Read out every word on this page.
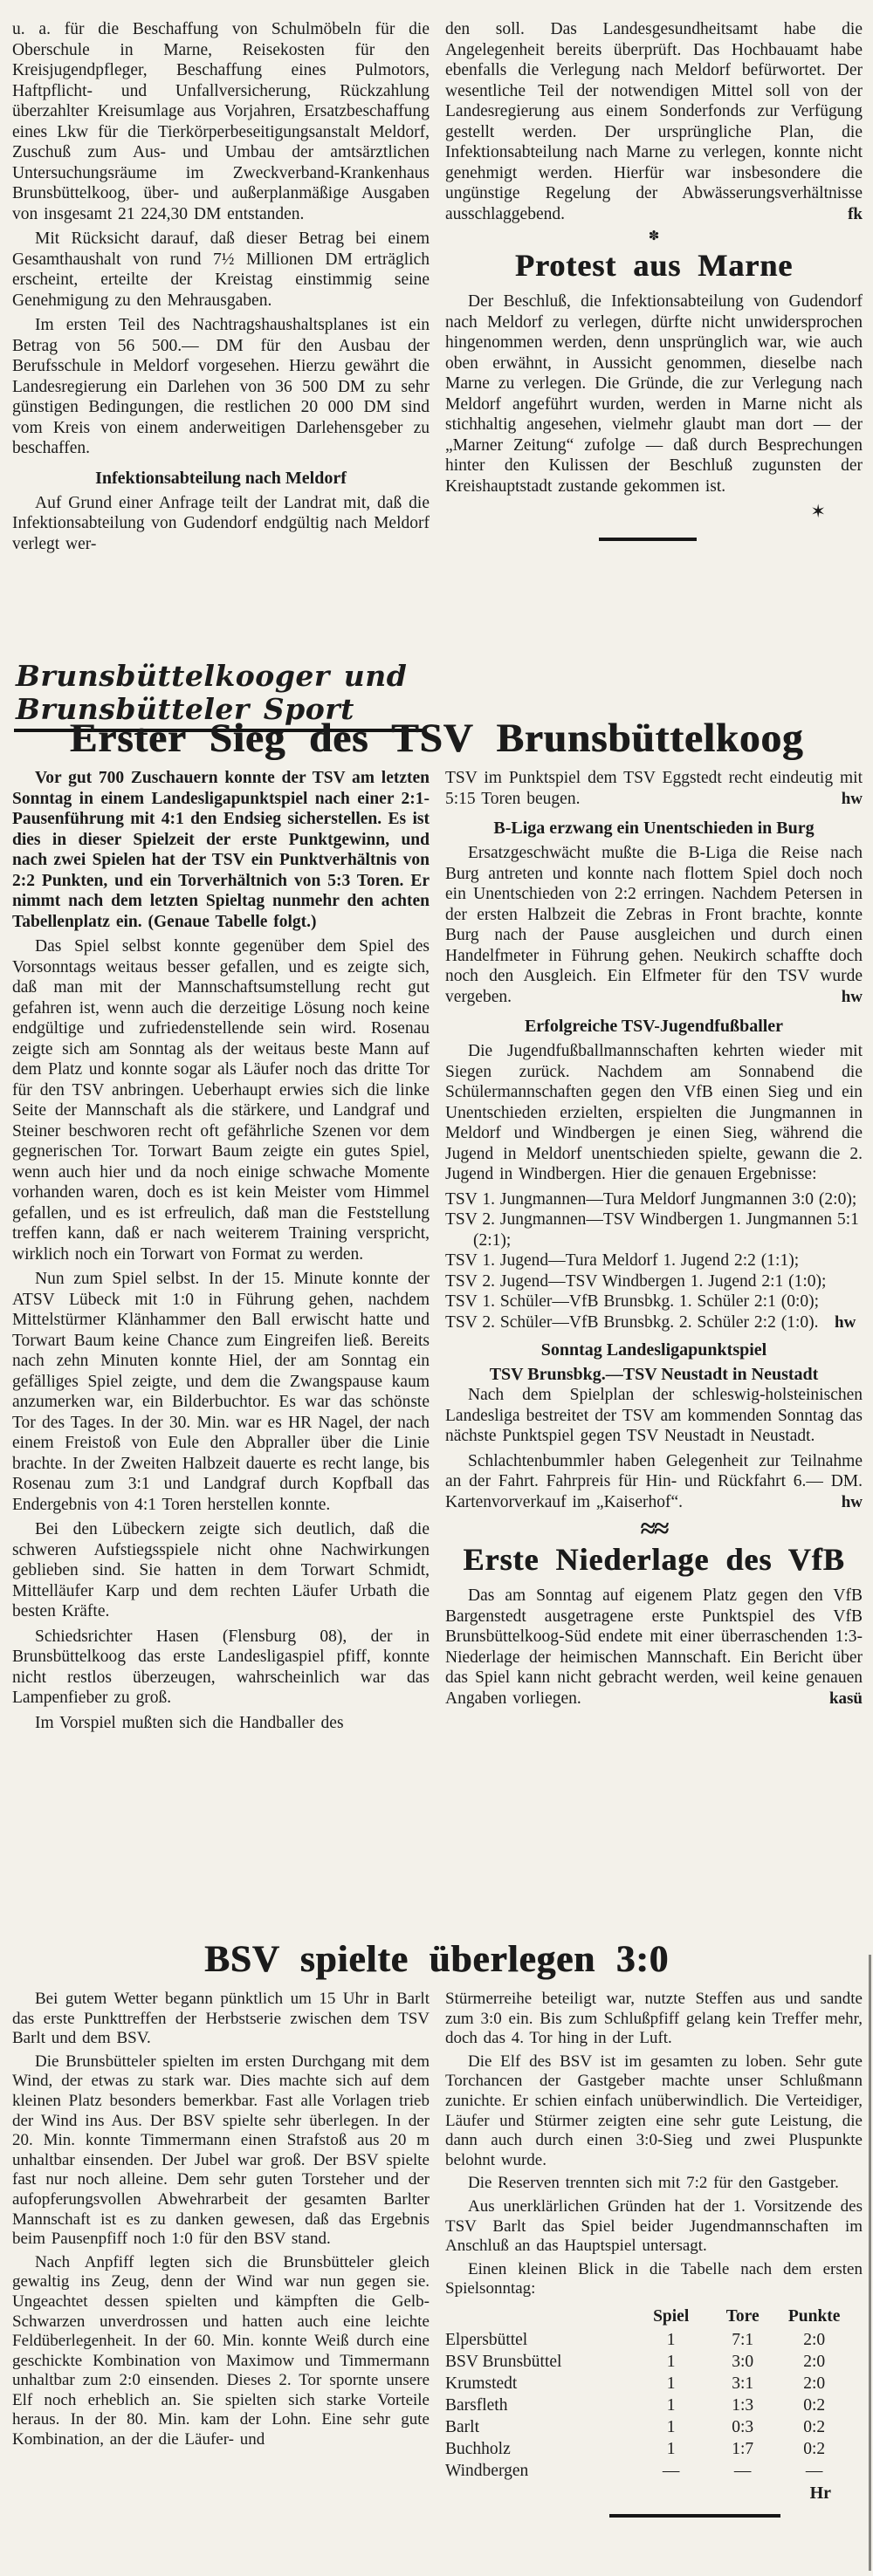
u. a. für die Beschaffung von Schulmöbeln für die Oberschule in Marne, Reisekosten für den Kreisjugendpfleger, Beschaffung eines Pulmotors, Haftpflicht- und Unfallversicherung, Rückzahlung überzahlter Kreisumlage aus Vorjahren, Ersatzbeschaffung eines Lkw für die Tierkörperbeseitigungsanstalt Meldorf, Zuschuß zum Aus- und Umbau der amtsärztlichen Untersuchungsräume im Zweckverband-Krankenhaus Brunsbüttelkoog, über- und außerplanmäßige Ausgaben von insgesamt 21 224,30 DM entstanden.

Mit Rücksicht darauf, daß dieser Betrag bei einem Gesamthaushalt von rund 7½ Millionen DM erträglich erscheint, erteilte der Kreistag einstimmig seine Genehmigung zu den Mehrausgaben.

Im ersten Teil des Nachtragshaushaltsplanes ist ein Betrag von 56 500.— DM für den Ausbau der Berufsschule in Meldorf vorgesehen. Hierzu gewährt die Landesregierung ein Darlehen von 36 500 DM zu sehr günstigen Bedingungen, die restlichen 20 000 DM sind vom Kreis von einem anderweitigen Darlehensgeber zu beschaffen.

Infektionsabteilung nach Meldorf

Auf Grund einer Anfrage teilt der Landrat mit, daß die Infektionsabteilung von Gudendorf endgültig nach Meldorf verlegt wer-

den soll. Das Landesgesundheitsamt habe die Angelegenheit bereits überprüft. Das Hochbauamt habe ebenfalls die Verlegung nach Meldorf befürwortet. Der wesentliche Teil der notwendigen Mittel soll von der Landesregierung aus einem Sonderfonds zur Verfügung gestellt werden. Der ursprüngliche Plan, die Infektionsabteilung nach Marne zu verlegen, konnte nicht genehmigt werden. Hierfür war insbesondere die ungünstige Regelung der Abwässerungsverhältnisse ausschlaggebend.	fk

✽
Protest aus Marne

Der Beschluß, die Infektionsabteilung von Gudendorf nach Meldorf zu verlegen, dürfte nicht unwidersprochen hingenommen werden, denn unsprünglich war, wie auch oben erwähnt, in Aussicht genommen, dieselbe nach Marne zu verlegen. Die Gründe, die zur Verlegung nach Meldorf angeführt wurden, werden in Marne nicht als stichhaltig angesehen, vielmehr glaubt man dort — der „Marner Zeitung“ zufolge — daß durch Besprechungen hinter den Kulissen der Beschluß zugunsten der Kreishauptstadt zustande gekommen ist.

✶
Brunsbüttelkooger und Brunsbütteler Sport
Erster Sieg des TSV Brunsbüttelkoog

Vor gut 700 Zuschauern konnte der TSV am letzten Sonntag in einem Landesligapunktspiel nach einer 2:1-Pausenführung mit 4:1 den Endsieg sicherstellen. Es ist dies in dieser Spielzeit der erste Punktgewinn, und nach zwei Spielen hat der TSV ein Punktverhältnis von 2:2 Punkten, und ein Torverhältnich von 5:3 Toren. Er nimmt nach dem letzten Spieltag nunmehr den achten Tabellenplatz ein. (Genaue Tabelle folgt.)

Das Spiel selbst konnte gegenüber dem Spiel des Vorsonntags weitaus besser gefallen, und es zeigte sich, daß man mit der Mannschaftsumstellung recht gut gefahren ist, wenn auch die derzeitige Lösung noch keine endgültige und zufriedenstellende sein wird. Rosenau zeigte sich am Sonntag als der weitaus beste Mann auf dem Platz und konnte sogar als Läufer noch das dritte Tor für den TSV anbringen. Ueberhaupt erwies sich die linke Seite der Mannschaft als die stärkere, und Landgraf und Steiner beschworen recht oft gefährliche Szenen vor dem gegnerischen Tor. Torwart Baum zeigte ein gutes Spiel, wenn auch hier und da noch einige schwache Momente vorhanden waren, doch es ist kein Meister vom Himmel gefallen, und es ist erfreulich, daß man die Feststellung treffen kann, daß er nach weiterem Training verspricht, wirklich noch ein Torwart von Format zu werden.

Nun zum Spiel selbst. In der 15. Minute konnte der ATSV Lübeck mit 1:0 in Führung gehen, nachdem Mittelstürmer Klänhammer den Ball erwischt hatte und Torwart Baum keine Chance zum Eingreifen ließ. Bereits nach zehn Minuten konnte Hiel, der am Sonntag ein gefälliges Spiel zeigte, und dem die Zwangspause kaum anzumerken war, ein Bilderbuchtor. Es war das schönste Tor des Tages. In der 30. Min. war es HR Nagel, der nach einem Freistoß von Eule den Abpraller über die Linie brachte. In der Zweiten Halbzeit dauerte es recht lange, bis Rosenau zum 3:1 und Landgraf durch Kopfball das Endergebnis von 4:1 Toren herstellen konnte.

Bei den Lübeckern zeigte sich deutlich, daß die schweren Aufstiegsspiele nicht ohne Nachwirkungen geblieben sind. Sie hatten in dem Torwart Schmidt, Mittelläufer Karp und dem rechten Läufer Urbath die besten Kräfte.

Schiedsrichter Hasen (Flensburg 08), der in Brunsbüttelkoog das erste Landesligaspiel pfiff, konnte nicht restlos überzeugen, wahrscheinlich war das Lampenfieber zu groß.

Im Vorspiel mußten sich die Handballer des

TSV im Punktspiel dem TSV Eggstedt recht eindeutig mit 5:15 Toren beugen.	hw

B-Liga erzwang ein Unentschieden in Burg

Ersatzgeschwächt mußte die B-Liga die Reise nach Burg antreten und konnte nach flottem Spiel doch noch ein Unentschieden von 2:2 erringen. Nachdem Petersen in der ersten Halbzeit die Zebras in Front brachte, konnte Burg nach der Pause ausgleichen und durch einen Handelfmeter in Führung gehen. Neukirch schaffte doch noch den Ausgleich. Ein Elfmeter für den TSV wurde vergeben.	hw

Erfolgreiche TSV-Jugendfußballer

Die Jugendfußballmannschaften kehrten wieder mit Siegen zurück. Nachdem am Sonnabend die Schülermannschaften gegen den VfB einen Sieg und ein Unentschieden erzielten, erspielten die Jungmannen in Meldorf und Windbergen je einen Sieg, während die Jugend in Meldorf unentschieden spielte, gewann die 2. Jugend in Windbergen. Hier die genauen Ergebnisse:

TSV 1. Jungmannen—Tura Meldorf Jungmannen 3:0 (2:0);

TSV 2. Jungmannen—TSV Windbergen 1. Jungmannen 5:1 (2:1);

TSV 1. Jugend—Tura Meldorf 1. Jugend 2:2 (1:1);

TSV 2. Jugend—TSV Windbergen 1. Jugend 2:1 (1:0);

TSV 1. Schüler—VfB Brunsbkg. 1. Schüler 2:1 (0:0);

TSV 2. Schüler—VfB Brunsbkg. 2. Schüler 2:2 (1:0). hw

Sonntag Landesligapunktspiel
TSV Brunsbkg.—TSV Neustadt in Neustadt

Nach dem Spielplan der schleswig-holsteinischen Landesliga bestreitet der TSV am kommenden Sonntag das nächste Punktspiel gegen TSV Neustadt in Neustadt.

Schlachtenbummler haben Gelegenheit zur Teilnahme an der Fahrt. Fahrpreis für Hin- und Rückfahrt 6.— DM. Kartenvorverkauf im „Kaiserhof“.	hw

≈≈
Erste Niederlage des VfB

Das am Sonntag auf eigenem Platz gegen den VfB Bargenstedt ausgetragene erste Punktspiel des VfB Brunsbüttelkoog-Süd endete mit einer überraschenden 1:3-Niederlage der heimischen Mannschaft. Ein Bericht über das Spiel kann nicht gebracht werden, weil keine genauen Angaben vorliegen.	kasü

BSV spielte überlegen 3:0

Bei gutem Wetter begann pünktlich um 15 Uhr in Barlt das erste Punkttreffen der Herbstserie zwischen dem TSV Barlt und dem BSV.

Die Brunsbütteler spielten im ersten Durchgang mit dem Wind, der etwas zu stark war. Dies machte sich auf dem kleinen Platz besonders bemerkbar. Fast alle Vorlagen trieb der Wind ins Aus. Der BSV spielte sehr überlegen. In der 20. Min. konnte Timmermann einen Strafstoß aus 20 m unhaltbar einsenden. Der Jubel war groß. Der BSV spielte fast nur noch alleine. Dem sehr guten Torsteher und der aufopferungsvollen Abwehrarbeit der gesamten Barlter Mannschaft ist es zu danken gewesen, daß das Ergebnis beim Pausenpfiff noch 1:0 für den BSV stand.

Nach Anpfiff legten sich die Brunsbütteler gleich gewaltig ins Zeug, denn der Wind war nun gegen sie. Ungeachtet dessen spielten und kämpften die Gelb-Schwarzen unverdrossen und hatten auch eine leichte Feldüberlegenheit. In der 60. Min. konnte Weiß durch eine geschickte Kombination von Maximow und Timmermann unhaltbar zum 2:0 einsenden. Dieses 2. Tor spornte unsere Elf noch erheblich an. Sie spielten sich starke Vorteile heraus. In der 80. Min. kam der Lohn. Eine sehr gute Kombination, an der die Läufer- und

Stürmerreihe beteiligt war, nutzte Steffen aus und sandte zum 3:0 ein. Bis zum Schlußpfiff gelang kein Treffer mehr, doch das 4. Tor hing in der Luft.

Die Elf des BSV ist im gesamten zu loben. Sehr gute Torchancen der Gastgeber machte unser Schlußmann zunichte. Er schien einfach unüberwindlich. Die Verteidiger, Läufer und Stürmer zeigten eine sehr gute Leistung, die dann auch durch einen 3:0-Sieg und zwei Pluspunkte belohnt wurde.

Die Reserven trennten sich mit 7:2 für den Gastgeber.

Aus unerklärlichen Gründen hat der 1. Vorsitzende des TSV Barlt das Spiel beider Jugendmannschaften im Anschluß an das Hauptspiel untersagt.

Einen kleinen Blick in die Tabelle nach dem ersten Spielsonntag:

	Spiel	Tore	Punkte
Elpersbüttel	1	7:1	2:0
BSV Brunsbüttel	1	3:0	2:0
Krumstedt	1	3:1	2:0
Barsfleth	1	1:3	0:2
Barlt	1	0:3	0:2
Buchholz	1	1:7	0:2
Windbergen	—	—	—
Hr
